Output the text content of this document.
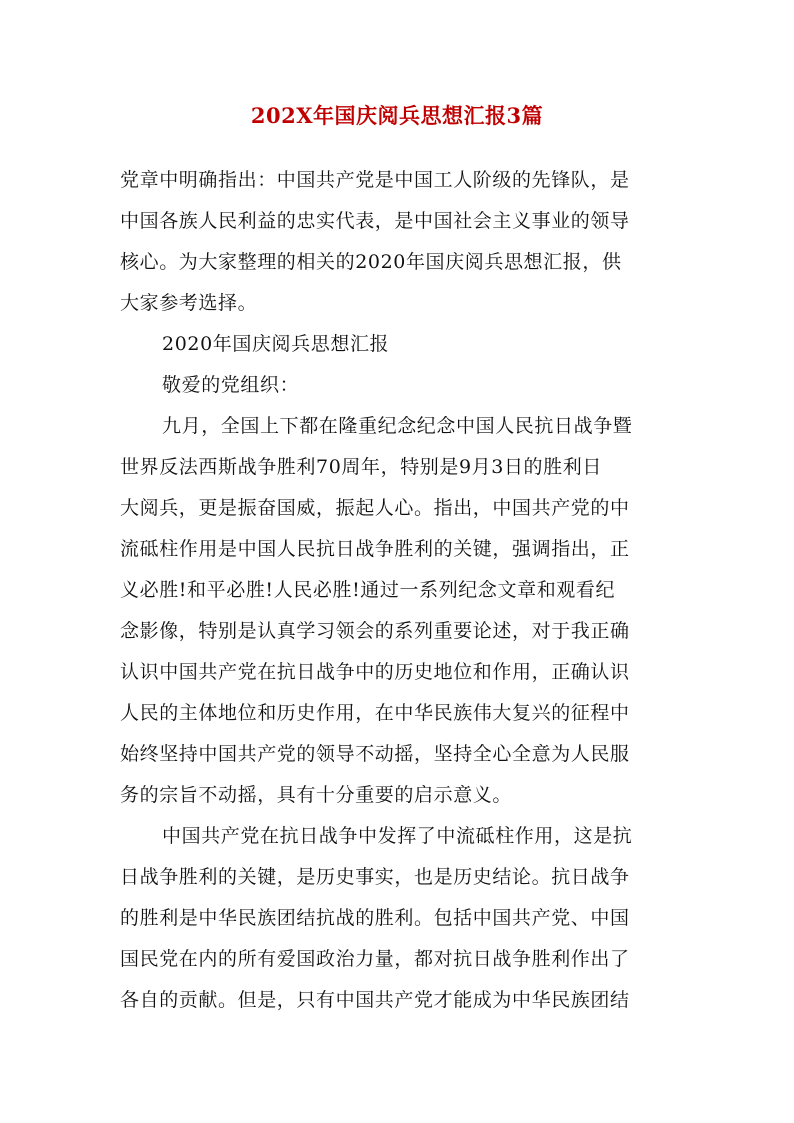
202X年国庆阅兵思想汇报3篇
党章中明确指出：中国共产党是中国工人阶级的先锋队，是
中国各族人民利益的忠实代表，是中国社会主义事业的领导
核心。为大家整理的相关的2020年国庆阅兵思想汇报，供
大家参考选择。
2020年国庆阅兵思想汇报
敬爱的党组织：
九月，全国上下都在隆重纪念纪念中国人民抗日战争暨
世界反法西斯战争胜利70周年，特别是9月3日的胜利日
大阅兵，更是振奋国威，振起人心。指出，中国共产党的中
流砥柱作用是中国人民抗日战争胜利的关键，强调指出，正
义必胜!和平必胜!人民必胜!通过一系列纪念文章和观看纪
念影像，特别是认真学习领会的系列重要论述，对于我正确
认识中国共产党在抗日战争中的历史地位和作用，正确认识
人民的主体地位和历史作用，在中华民族伟大复兴的征程中
始终坚持中国共产党的领导不动摇，坚持全心全意为人民服
务的宗旨不动摇，具有十分重要的启示意义。
中国共产党在抗日战争中发挥了中流砥柱作用，这是抗
日战争胜利的关键，是历史事实，也是历史结论。抗日战争
的胜利是中华民族团结抗战的胜利。包括中国共产党、中国
国民党在内的所有爱国政治力量，都对抗日战争胜利作出了
各自的贡献。但是，只有中国共产党才能成为中华民族团结
